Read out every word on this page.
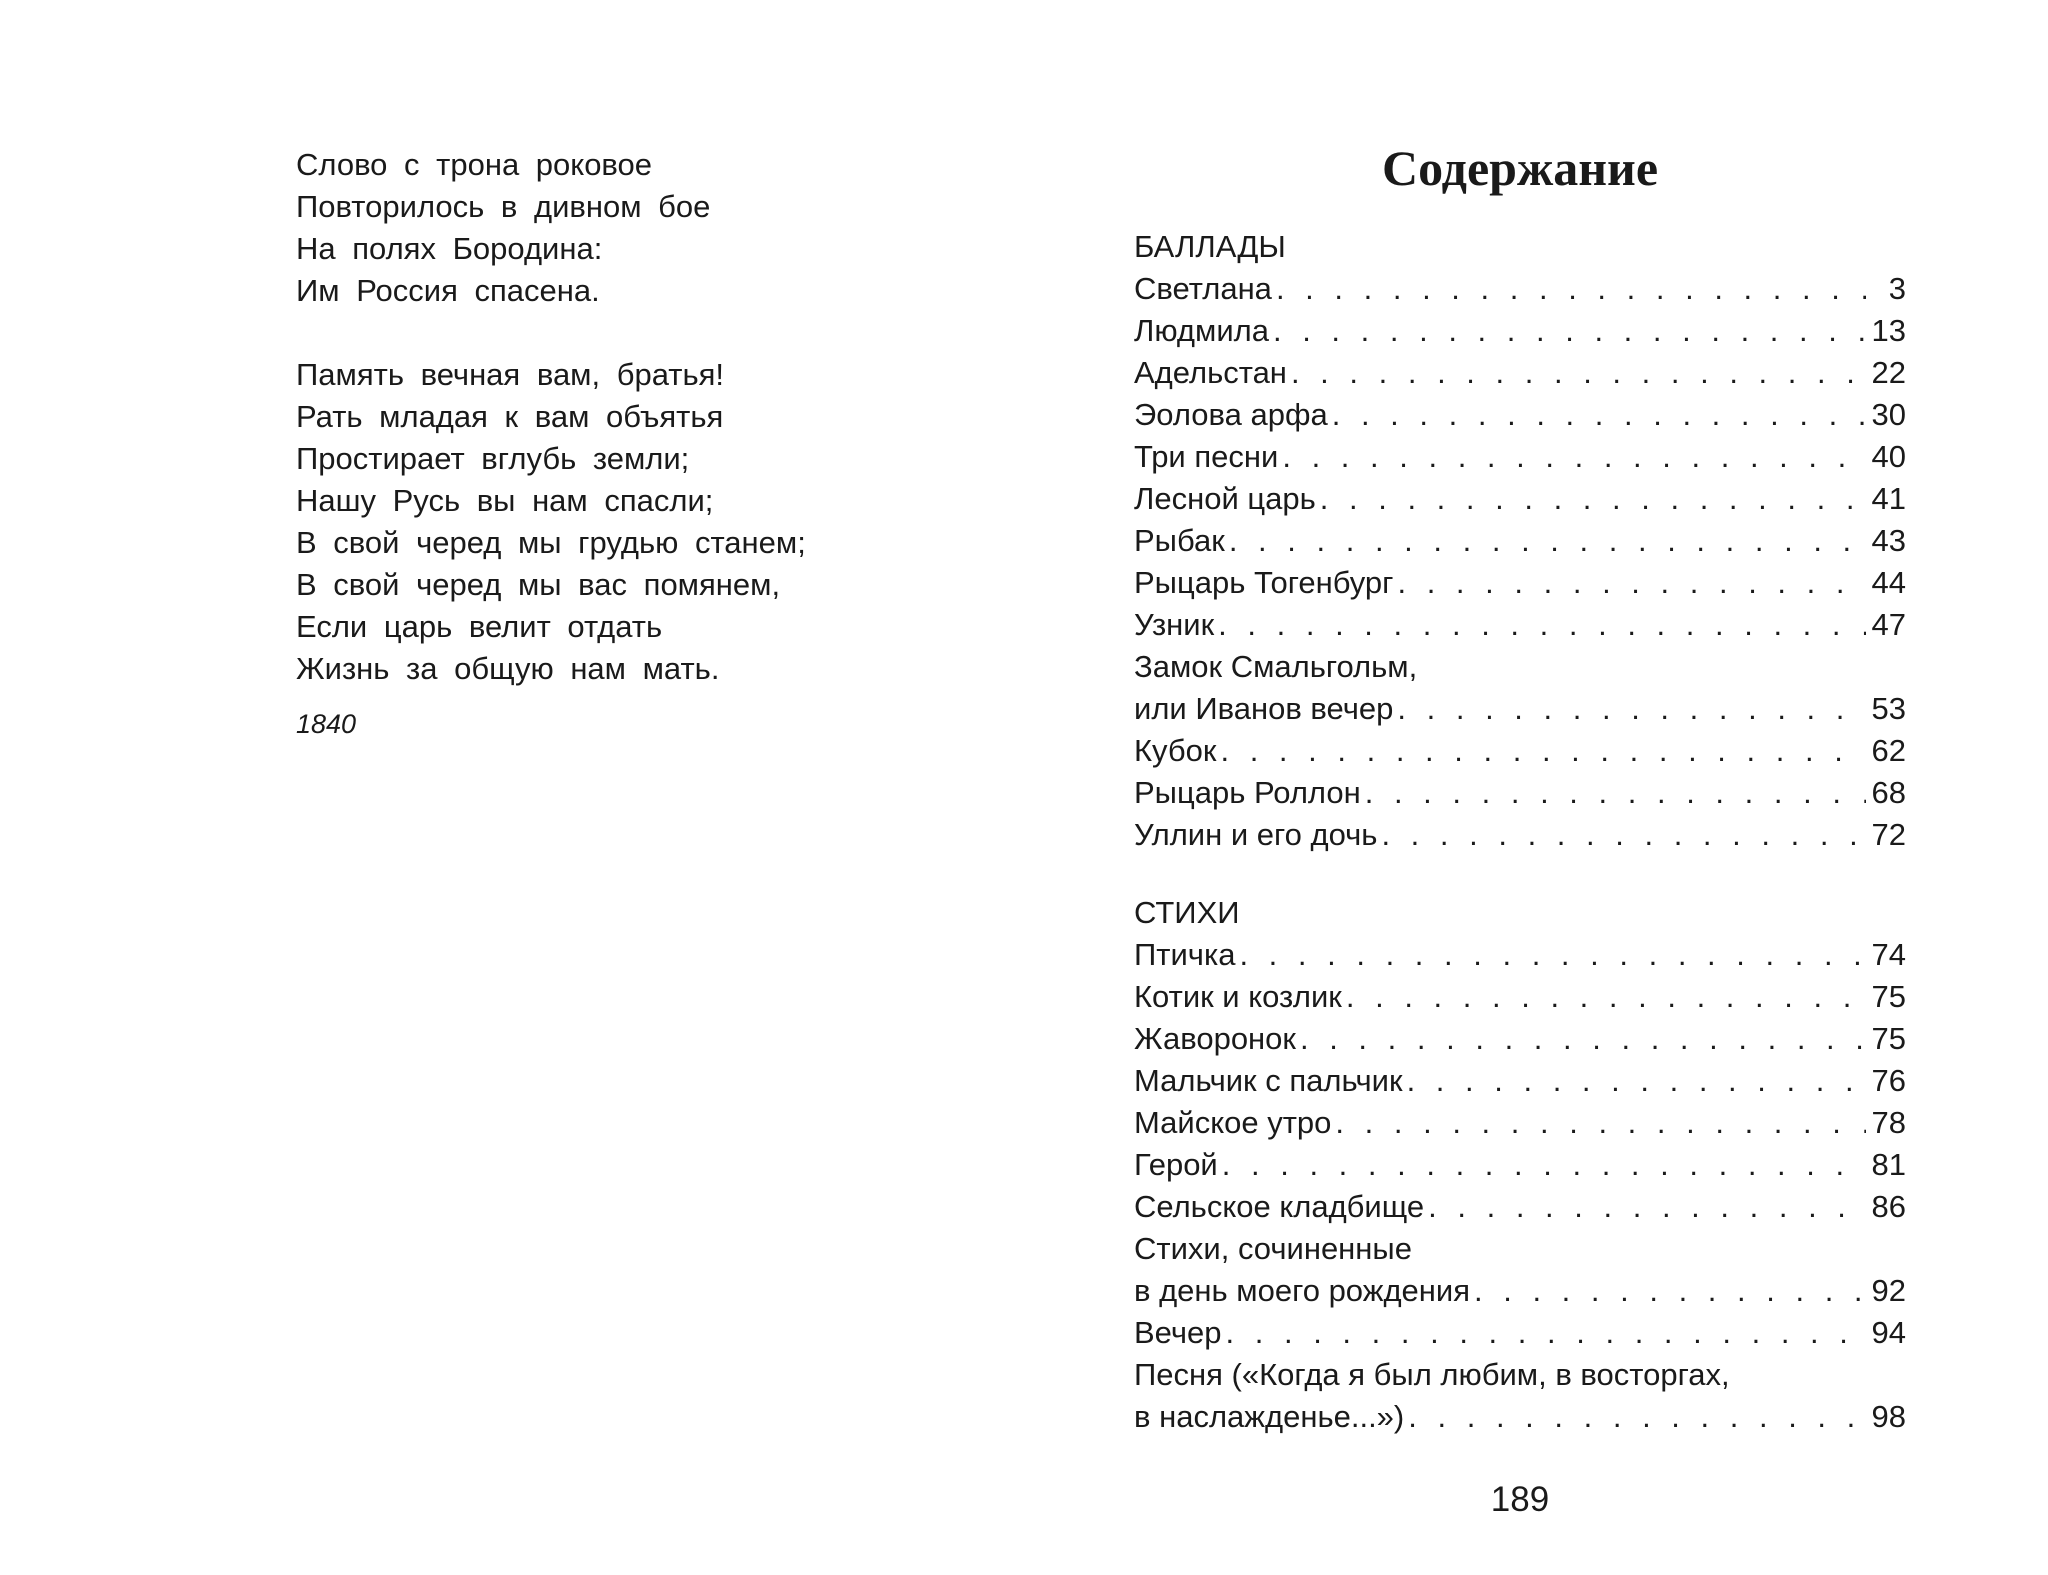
Слово с трона роковое
Повторилось в дивном бое
На полях Бородина:
Им Россия спасена.
Память вечная вам, братья!
Рать младая к вам объятья
Простирает вглубь земли;
Нашу Русь вы нам спасли;
В свой черед мы грудью станем;
В свой черед мы вас помянем,
Если царь велит отдать
Жизнь за общую нам мать.
1840
Содержание
БАЛЛАДЫ
Светлана . . .	3
Людмила . . .	13
Адельстан . . .	22
Эолова арфа . . .	30
Три песни . . .	40
Лесной царь . . .	41
Рыбак . . .	43
Рыцарь Тогенбург . . .	44
Узник . . .	47
Замок Смальгольм,
или Иванов вечер . . .	53
Кубок . . .	62
Рыцарь Роллон . . .	68
Уллин и его дочь . . .	72
СТИХИ
Птичка . . .	74
Котик и козлик . . .	75
Жаворонок . . .	75
Мальчик с пальчик . . .	76
Майское утро . . .	78
Герой . . .	81
Сельское кладбище . . .	86
Стихи, сочиненные
в день моего рождения . . .	92
Вечер . . .	94
Песня («Когда я был любим, в восторгах,
в наслажденье...») . . .	98
189
